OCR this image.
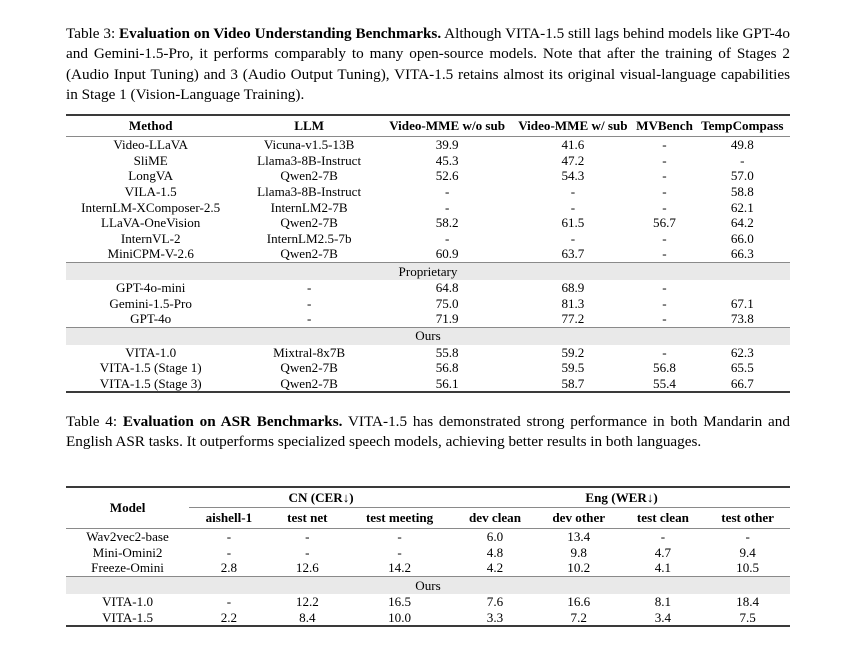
Table 3: Evaluation on Video Understanding Benchmarks. Although VITA-1.5 still lags behind models like GPT-4o and Gemini-1.5-Pro, it performs comparably to many open-source models. Note that after the training of Stages 2 (Audio Input Tuning) and 3 (Audio Output Tuning), VITA-1.5 retains almost its original visual-language capabilities in Stage 1 (Vision-Language Training).
Method	LLM	Video-MME w/o sub	Video-MME w/ sub	MVBench	TempCompass
Video-LLaVA	Vicuna-v1.5-13B	39.9	41.6	-	49.8
SliME	Llama3-8B-Instruct	45.3	47.2	-	-
LongVA	Qwen2-7B	52.6	54.3	-	57.0
VILA-1.5	Llama3-8B-Instruct	-	-	-	58.8
InternLM-XComposer-2.5	InternLM2-7B	-	-	-	62.1
LLaVA-OneVision	Qwen2-7B	58.2	61.5	56.7	64.2
InternVL-2	InternLM2.5-7b	-	-	-	66.0
MiniCPM-V-2.6	Qwen2-7B	60.9	63.7	-	66.3
Proprietary					
GPT-4o-mini	-	64.8	68.9	-	
Gemini-1.5-Pro	-	75.0	81.3	-	67.1
GPT-4o	-	71.9	77.2	-	73.8
Ours					
VITA-1.0	Mixtral-8x7B	55.8	59.2	-	62.3
VITA-1.5 (Stage 1)	Qwen2-7B	56.8	59.5	56.8	65.5
VITA-1.5 (Stage 3)	Qwen2-7B	56.1	58.7	55.4	66.7
Table 4: Evaluation on ASR Benchmarks. VITA-1.5 has demonstrated strong performance in both Mandarin and English ASR tasks. It outperforms specialized speech models, achieving better results in both languages.
Model	CN (CER↓)			Eng (WER↓)			
	aishell-1	test net	test meeting	dev clean	dev other	test clean	test other
Wav2vec2-base	-	-	-	6.0	13.4	-	-
Mini-Omini2	-	-	-	4.8	9.8	4.7	9.4
Freeze-Omini	2.8	12.6	14.2	4.2	10.2	4.1	10.5
Ours							
VITA-1.0	-	12.2	16.5	7.6	16.6	8.1	18.4
VITA-1.5	2.2	8.4	10.0	3.3	7.2	3.4	7.5
